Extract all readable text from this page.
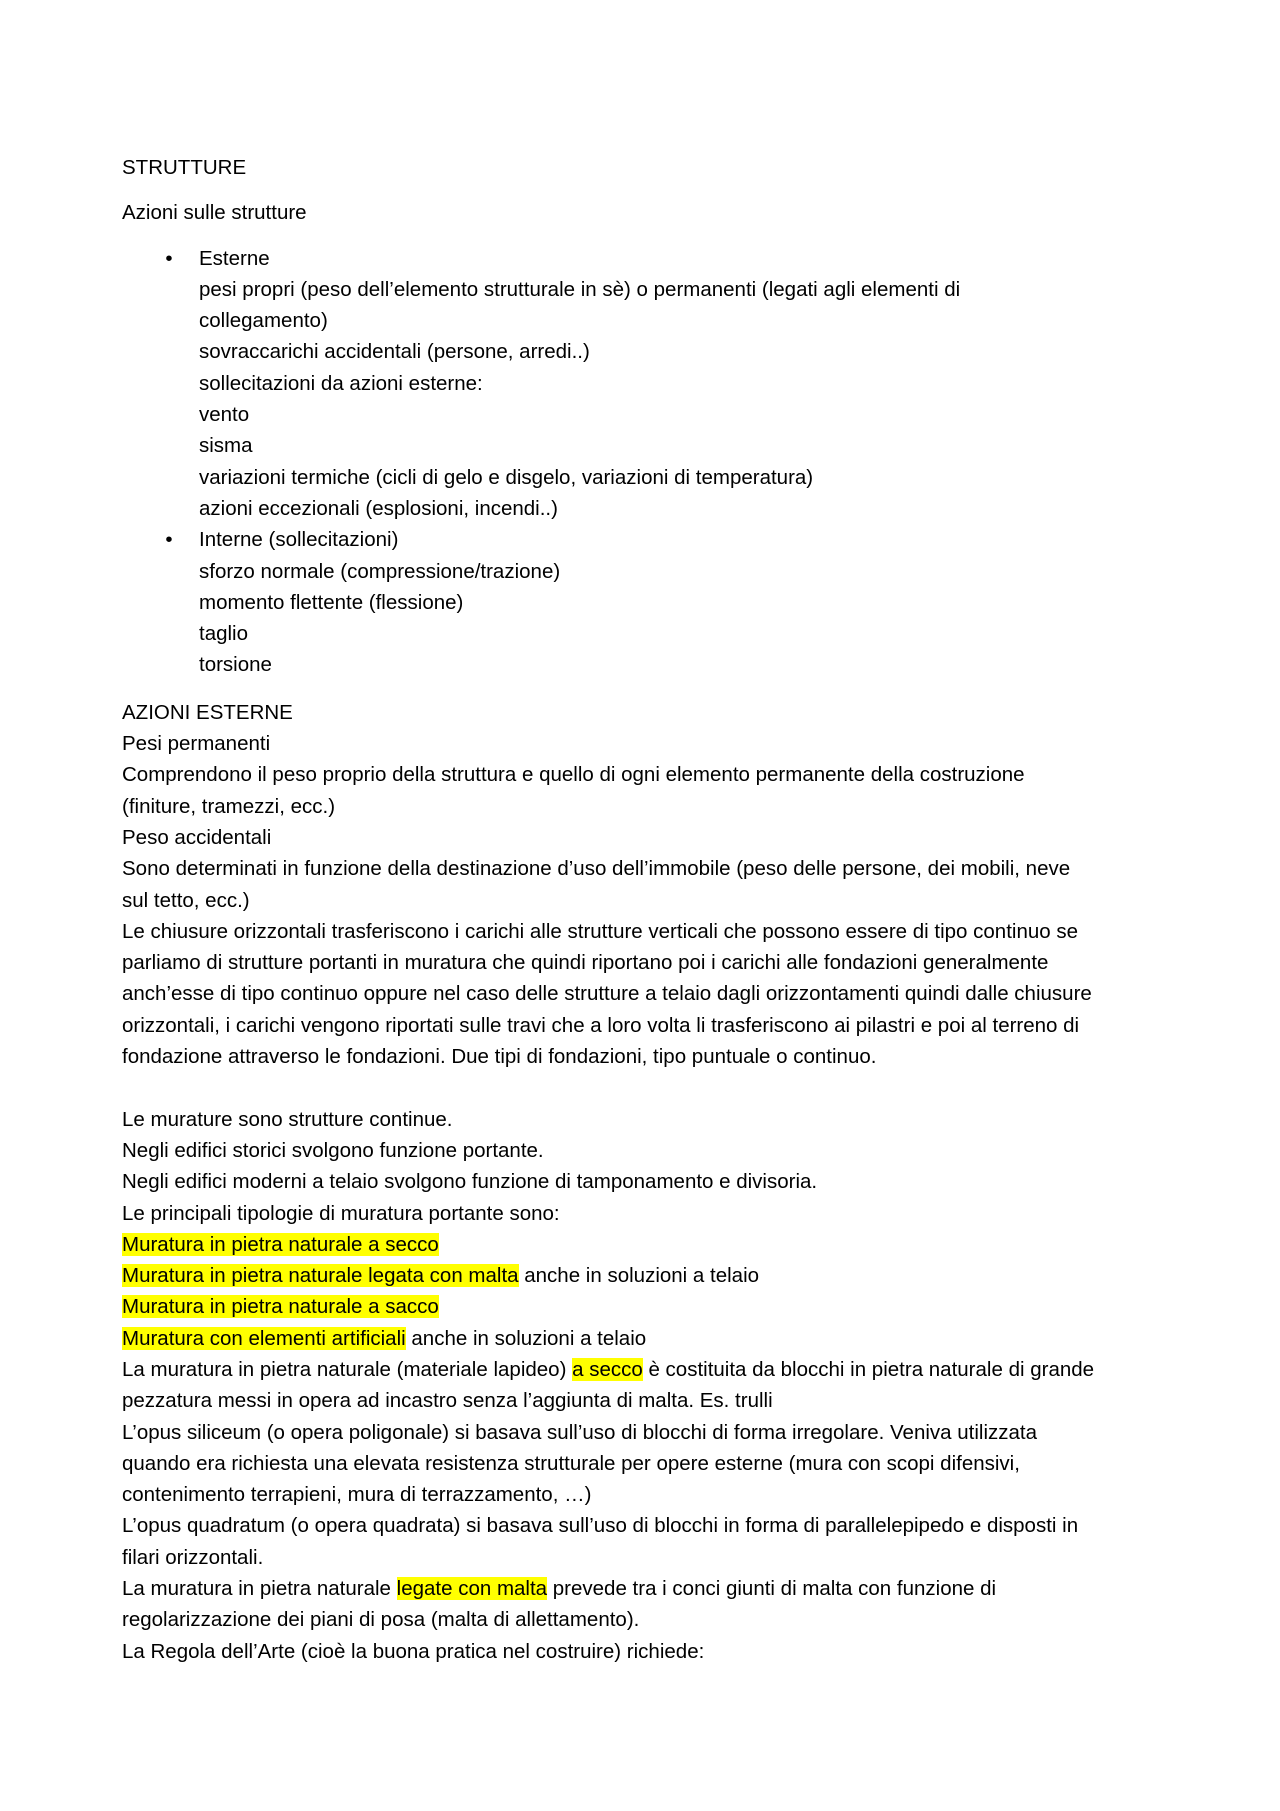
STRUTTURE

Azioni sulle strutture

• Esterne
pesi propri (peso dell’elemento strutturale in sè) o permanenti (legati agli elementi di
collegamento)
sovraccarichi accidentali (persone, arredi..)
sollecitazioni da azioni esterne:
vento
sisma
variazioni termiche (cicli di gelo e disgelo, variazioni di temperatura)
azioni eccezionali (esplosioni, incendi..)
• Interne (sollecitazioni)
sforzo normale (compressione/trazione)
momento flettente (flessione)
taglio
torsione

AZIONI ESTERNE

Pesi permanenti

Comprendono il peso proprio della struttura e quello di ogni elemento permanente della costruzione

(finiture, tramezzi, ecc.)

Peso accidentali

Sono determinati in funzione della destinazione d’uso dell’immobile (peso delle persone, dei mobili, neve

sul tetto, ecc.)

Le chiusure orizzontali trasferiscono i carichi alle strutture verticali che possono essere di tipo continuo se

parliamo di strutture portanti in muratura che quindi riportano poi i carichi alle fondazioni generalmente

anch’esse di tipo continuo oppure nel caso delle strutture a telaio dagli orizzontamenti quindi dalle chiusure

orizzontali, i carichi vengono riportati sulle travi che a loro volta li trasferiscono ai pilastri e poi al terreno di

fondazione attraverso le fondazioni. Due tipi di fondazioni, tipo puntuale o continuo.

Le murature sono strutture continue.

Negli edifici storici svolgono funzione portante.

Negli edifici moderni a telaio svolgono funzione di tamponamento e divisoria.

Le principali tipologie di muratura portante sono:

Muratura in pietra naturale a secco

Muratura in pietra naturale legata con malta anche in soluzioni a telaio

Muratura in pietra naturale a sacco

Muratura con elementi artificiali anche in soluzioni a telaio

La muratura in pietra naturale (materiale lapideo) a secco è costituita da blocchi in pietra naturale di grande

pezzatura messi in opera ad incastro senza l’aggiunta di malta. Es. trulli

L’opus siliceum (o opera poligonale) si basava sull’uso di blocchi di forma irregolare. Veniva utilizzata

quando era richiesta una elevata resistenza strutturale per opere esterne (mura con scopi difensivi,

contenimento terrapieni, mura di terrazzamento, …)

L’opus quadratum (o opera quadrata) si basava sull’uso di blocchi in forma di parallelepipedo e disposti in

filari orizzontali.

La muratura in pietra naturale legate con malta prevede tra i conci giunti di malta con funzione di

regolarizzazione dei piani di posa (malta di allettamento).

La Regola dell’Arte (cioè la buona pratica nel costruire) richiede:
